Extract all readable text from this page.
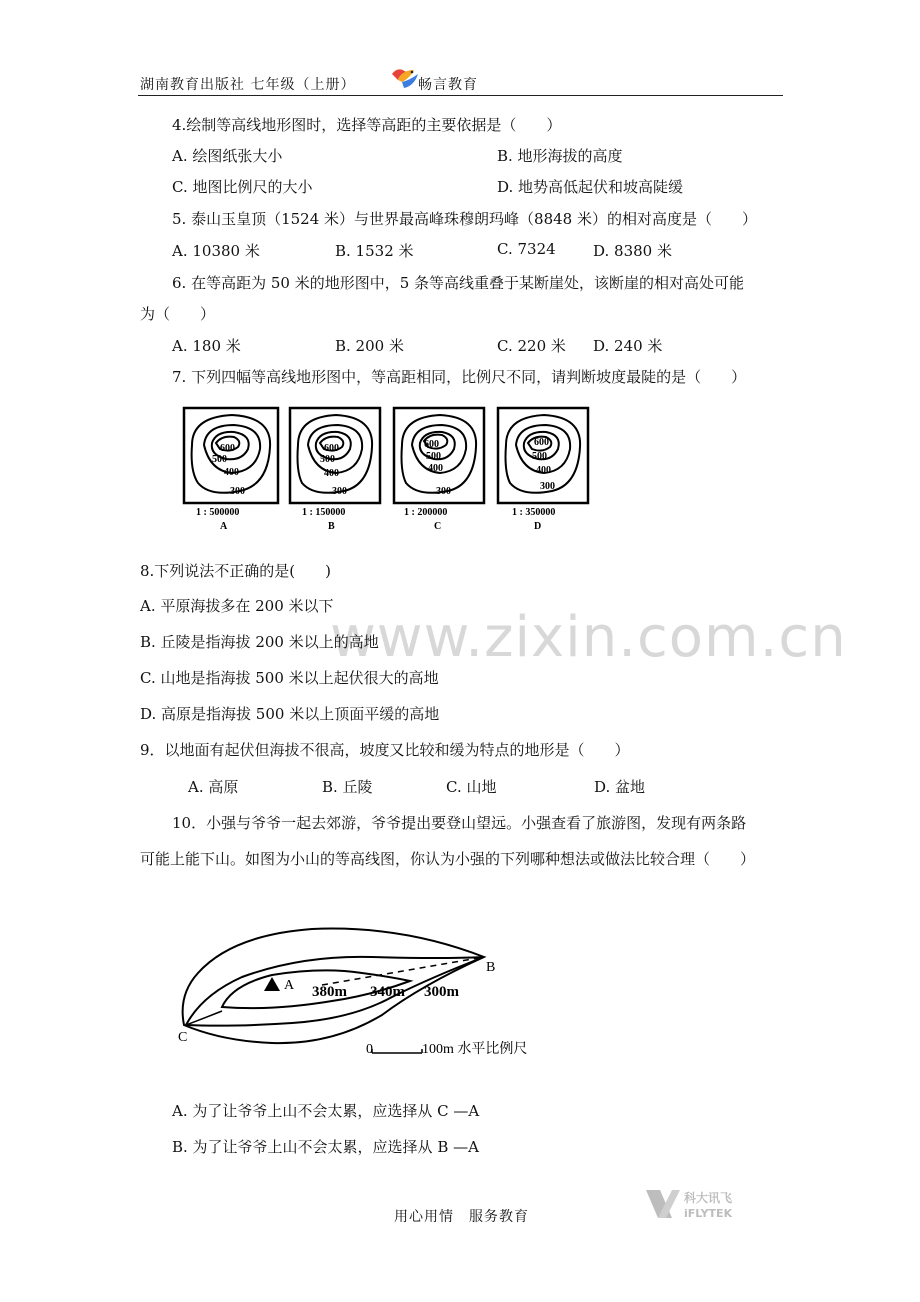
湖南教育出版社 七年级（上册）	畅言教育
4.绘制等高线地形图时，选择等高距的主要依据是（　　）
A. 绘图纸张大小	B. 地形海拔的高度
C. 地图比例尺的大小	D. 地势高低起伏和坡高陡缓
5. 泰山玉皇顶（1524 米）与世界最高峰珠穆朗玛峰（8848 米）的相对高度是（　　）
A. 10380 米	B. 1532 米	C. 7324 D. 8380 米
6. 在等高距为 50 米的地形图中，5 条等高线重叠于某断崖处，该断崖的相对高处可能
为（　　）
A. 180 米	B. 200 米	C. 220 米 D. 240 米
7. 下列四幅等高线地形图中，等高距相同，比例尺不同，请判断坡度最陡的是（　　）
600
500
400
300
600
500
400
300
600
500
400
300
600
500
400
300
1 : 500000
A
1 : 150000
B
1 : 200000
C
1 : 350000
D
www.zixin.com.cn
8.下列说法不正确的是(　　)
A. 平原海拔多在 200 米以下
B. 丘陵是指海拔 200 米以上的高地
C. 山地是指海拔 500 米以上起伏很大的高地
D. 高原是指海拔 500 米以上顶面平缓的高地
9．以地面有起伏但海拔不很高，坡度又比较和缓为特点的地形是（　　）
A. 高原	B. 丘陵	C. 山地	D. 盆地
10．小强与爷爷一起去郊游，爷爷提出要登山望远。小强查看了旅游图，发现有两条路
可能上能下山。如图为小山的等高线图，你认为小强的下列哪种想法或做法比较合理（　　）
A
C
B
380m 340m 300m
0	100m 水平比例尺
A. 为了让爷爷上山不会太累，应选择从 C —A
B. 为了让爷爷上山不会太累，应选择从 B —A
用心用情　服务教育
科大讯飞
iFLYTEK
